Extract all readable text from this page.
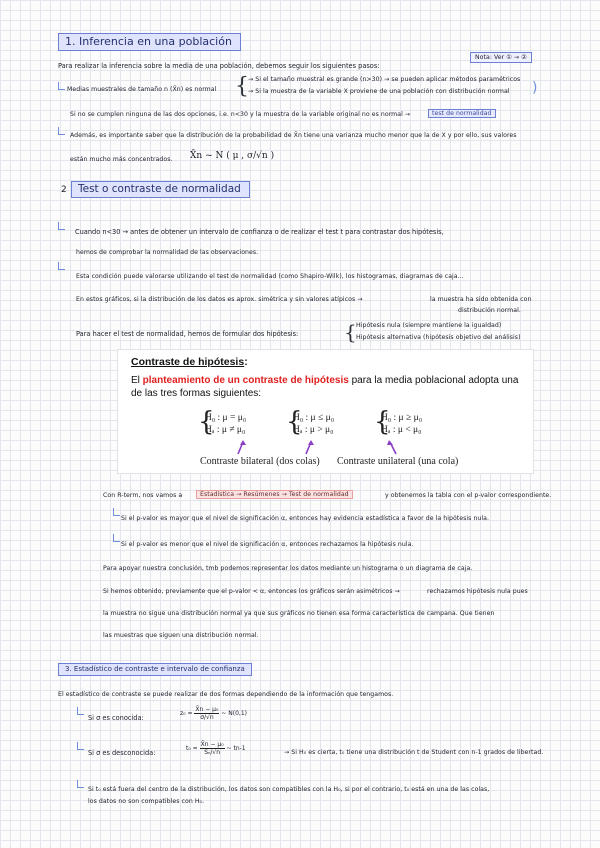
1. Inferencia en una población
Nota: Ver ① → ②
Para realizar la inferencia sobre la media de una población, debemos seguir los siguientes pasos:
Medias muestrales de tamaño n (X̄n) es normal { → Si el tamaño muestral es grande (n>30) → se pueden aplicar métodos paramétricos
→ Si la muestra de la variable X proviene de una población con distribución normal )
Si no se cumplen ninguna de las dos opciones, i.e. n<30 y la muestra de la variable original no es normal →	test de normalidad
Además, es importante saber que la distribución de la probabilidad de X̄n tiene una varianza mucho menor que la de X y por ello, sus valores
están mucho más concentrados. X̄n ~ N ( μ , σ/√n )
2	Test o contraste de normalidad
Cuando n<30 → antes de obtener un intervalo de confianza o de realizar el test t para contrastar dos hipótesis,
hemos de comprobar la normalidad de las observaciones.
Esta condición puede valorarse utilizando el test de normalidad (como Shapiro-Wilk), los histogramas, diagramas de caja...
En estos gráficos, si la distribución de los datos es aprox. simétrica y sin valores atípicos →	la muestra ha sido obtenida con
distribución normal.
Para hacer el test de normalidad, hemos de formular dos hipótesis: { Hipótesis nula (siempre mantiene la igualdad)
Hipótesis alternativa (hipótesis objetivo del análisis)
Contraste de hipótesis:
El planteamiento de un contraste de hipótesis para la media poblacional adopta una de las tres formas siguientes:
{
H₀ : μ = μ₀
Hₐ : μ ≠ μ₀ {
H₀ : μ ≤ μ₀
Hₐ : μ > μ₀ {
H₀ : μ ≥ μ₀
Hₐ : μ < μ₀
Contraste bilateral (dos colas) Contraste unilateral (una cola)
Con R-term, nos vamos a	Estadística → Resúmenes → Test de normalidad	y obtenemos la tabla con el p-valor correspondiente.
Si el p-valor es mayor que el nivel de significación α, entonces hay evidencia estadística a favor de la hipótesis nula.
Si el p-valor es menor que el nivel de significación α, entonces rechazamos la hipótesis nula.
Para apoyar nuestra conclusión, tmb podemos representar los datos mediante un histograma o un diagrama de caja.
Si hemos obtenido, previamente que el p-valor < α, entonces los gráficos serán asimétricos →	rechazamos hipótesis nula pues
la muestra no sigue una distribución normal ya que sus gráficos no tienen esa forma característica de campana. Que tienen
las muestras que siguen una distribución normal.
3. Estadístico de contraste e intervalo de confianza
El estadístico de contraste se puede realizar de dos formas dependiendo de la información que tengamos.
Si σ es conocida:
$z_0 = \frac{\text{X̄n − μ₀}}{\sigma/√n}$ ~ N(0,1)
Si σ es desconocida:
$t_0 = \frac{\text{X̄n − μ₀}}{\text{Sₙ/√n}}$ ~ tn-1
→ Si H₀ es cierta, t₀ tiene una distribución t de Student con n-1 grados de libertad.
Si t₀ está fuera del centro de la distribución, los datos son compatibles con la H₀, si por el contrario, t₀ está en una de las colas,
los datos no son compatibles con H₀.
